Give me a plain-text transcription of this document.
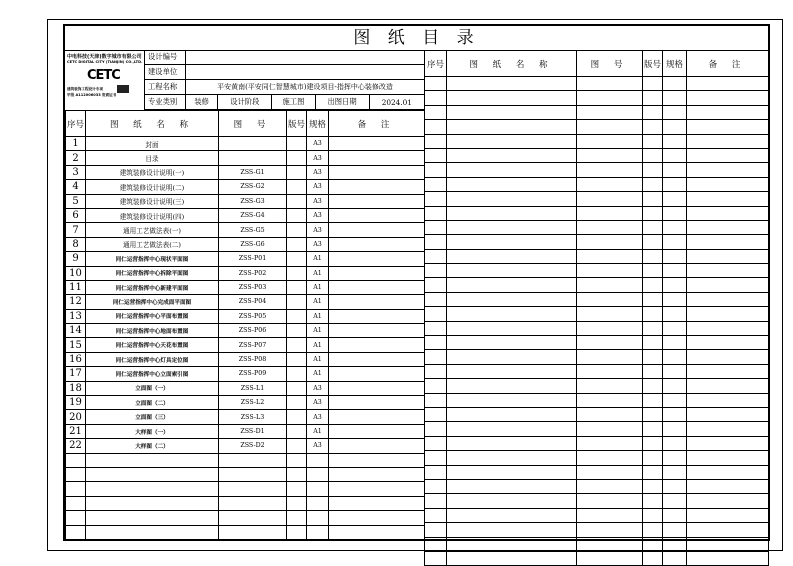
图 纸 目 录
中电科技(天津)数字城市有限公司
CETC DIGITAL CITY (TIANJIN) CO.,LTD.
CETC
建筑装饰工程设计专项
甲级 A112006033 资质证书
设计编号					
建设单位					
工程名称	平安黄南(平安同仁智慧城市)建设项目-指挥中心装修改造				
专业类别	装修	设计阶段	施工图	出图日期	2024.01
序号	图 纸 名 称	图 号	版号	规格	备 注
1	封面			A3	
2	目录			A3	
3	建筑装修设计说明(一)	ZSS-G1		A3	
4	建筑装修设计说明(二)	ZSS-G2		A3	
5	建筑装修设计说明(三)	ZSS-G3		A3	
6	建筑装修设计说明(四)	ZSS-G4		A3	
7	通用工艺做法表(一)	ZSS-G5		A3	
8	通用工艺做法表(二)	ZSS-G6		A3	
9	同仁运营指挥中心现状平面图	ZSS-P01		A1	
10	同仁运营指挥中心拆除平面图	ZSS-P02		A1	
11	同仁运营指挥中心新建平面图	ZSS-P03		A1	
12	同仁运营指挥中心完成面平面图	ZSS-P04		A1	
13	同仁运营指挥中心平面布置图	ZSS-P05		A1	
14	同仁运营指挥中心地面布置图	ZSS-P06		A1	
15	同仁运营指挥中心天花布置图	ZSS-P07		A1	
16	同仁运营指挥中心灯具定位图	ZSS-P08		A1	
17	同仁运营指挥中心立面索引图	ZSS-P09		A1	
18	立面图（一）	ZSS-L1		A3	
19	立面图（二）	ZSS-L2		A3	
20	立面图（三）	ZSS-L3		A3	
21	大样图（一）	ZSS-D1		A1	
22	大样图（二）	ZSS-D2		A3	

序号	图 纸 名 称	图 号	版号	规格	备 注
